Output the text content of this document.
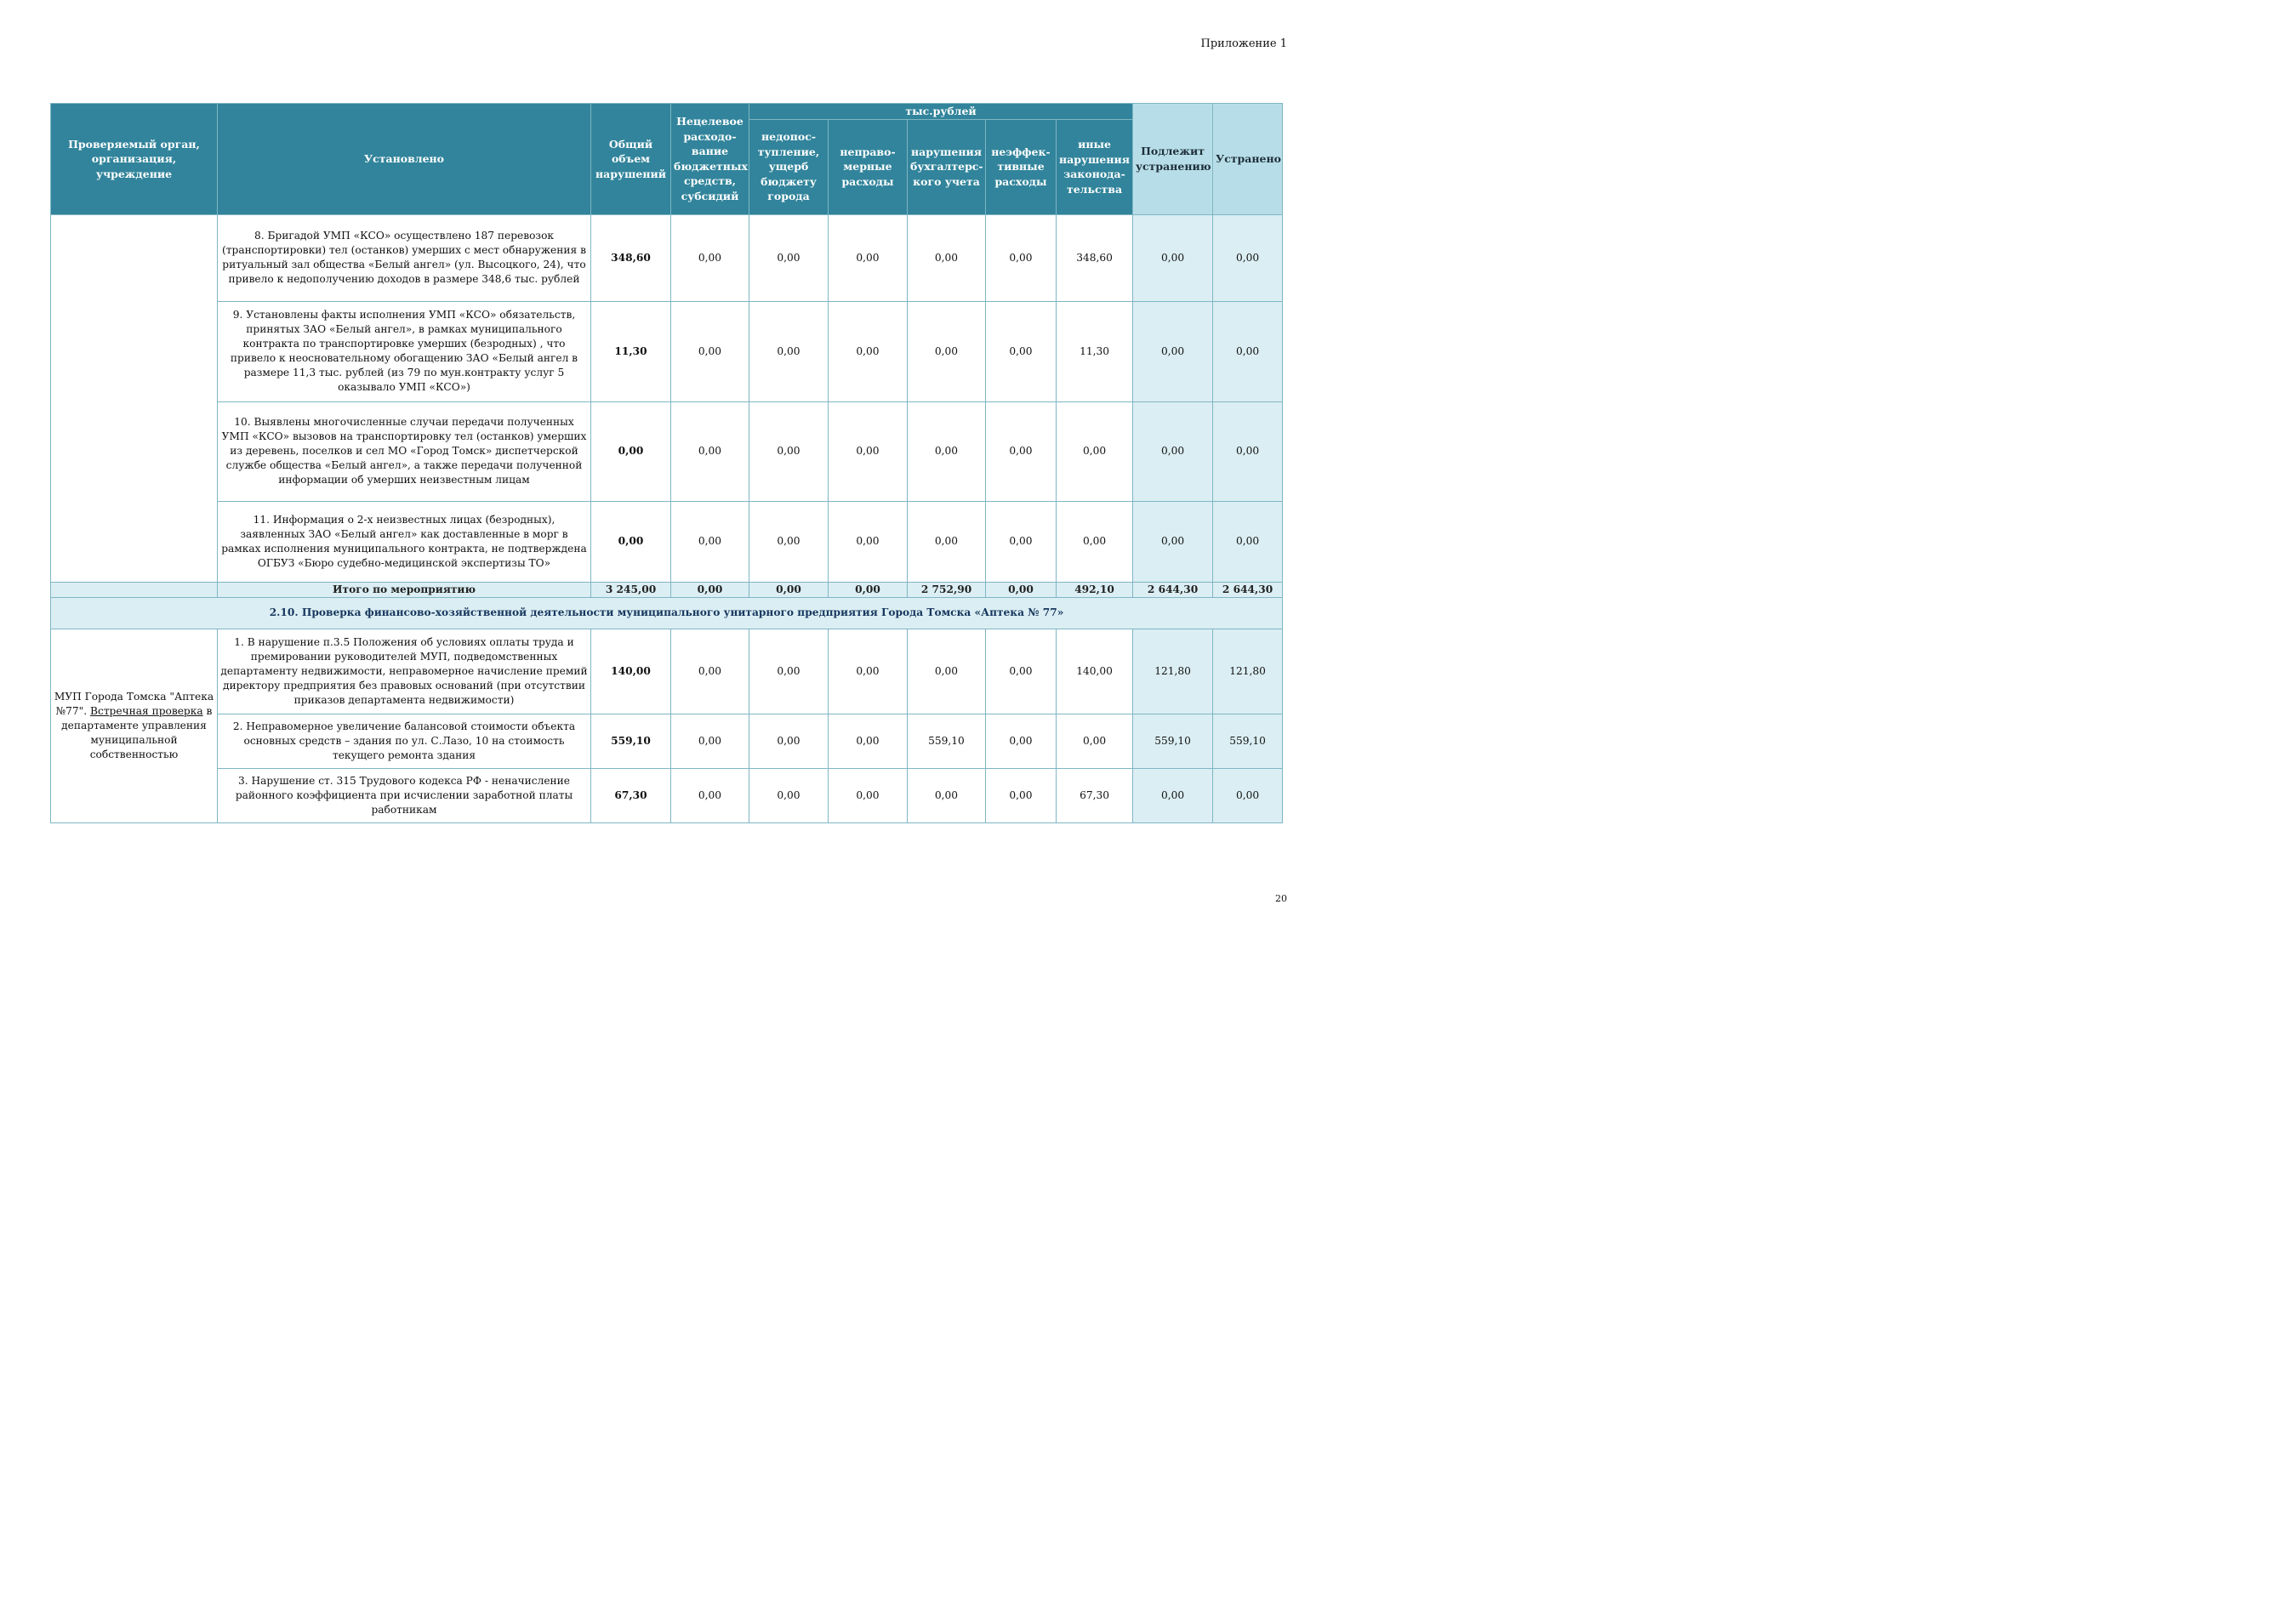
Приложение 1
Проверяемый орган, организация, учреждение	Установлено	Общий объем нарушений	Нецелевое расходо-вание бюджетных средств, субсидий	тыс.рублей					Подлежит устранению	Устранено
				недопос-тупление, ущерб бюджету города	неправо-мерные расходы	нарушения бухгалтерс-кого учета	неэффек-тивные расходы	иные нарушения законода-тельства		
	8. Бригадой УМП «КСО» осуществлено 187 перевозок (транспортировки) тел (останков) умерших с мест обнаружения в ритуальный зал общества «Белый ангел» (ул. Высоцкого, 24), что привело к недополучению доходов в размере 348,6 тыс. рублей	348,60	0,00	0,00	0,00	0,00	0,00	348,60	0,00	0,00
	9. Установлены факты исполнения УМП «КСО» обязательств, принятых ЗАО «Белый ангел», в рамках муниципального контракта по транспортировке умерших (безродных) , что привело к неосновательному обогащению ЗАО «Белый ангел в размере 11,3 тыс. рублей (из 79 по мун.контракту услуг 5 оказывало УМП «КСО»)	11,30	0,00	0,00	0,00	0,00	0,00	11,30	0,00	0,00
	10. Выявлены многочисленные случаи передачи полученных УМП «КСО» вызовов на транспортировку тел (останков) умерших из деревень, поселков и сел МО «Город Томск» диспетчерской службе общества «Белый ангел», а также передачи полученной информации об умерших неизвестным лицам	0,00	0,00	0,00	0,00	0,00	0,00	0,00	0,00	0,00
	11. Информация о 2-х неизвестных лицах (безродных), заявленных ЗАО «Белый ангел» как доставленные в морг в рамках исполнения муниципального контракта, не подтверждена ОГБУЗ «Бюро судебно-медицинской экспертизы ТО»	0,00	0,00	0,00	0,00	0,00	0,00	0,00	0,00	0,00
	Итого по мероприятию	3 245,00	0,00	0,00	0,00	2 752,90	0,00	492,10	2 644,30	2 644,30
2.10. Проверка финансово-хозяйственной деятельности муниципального унитарного предприятия Города Томска «Аптека № 77»										
МУП Города Томска "Аптека №77". Встречная проверка в департаменте управления муниципальной собственностью	1. В нарушение п.3.5 Положения об условиях оплаты труда и премировании руководителей МУП, подведомственных департаменту недвижимости, неправомерное начисление премий директору предприятия без правовых оснований (при отсутствии приказов департамента недвижимости)	140,00	0,00	0,00	0,00	0,00	0,00	140,00	121,80	121,80
	2. Неправомерное увеличение балансовой стоимости объекта основных средств – здания по ул. С.Лазо, 10 на стоимость текущего ремонта здания	559,10	0,00	0,00	0,00	559,10	0,00	0,00	559,10	559,10
	3. Нарушение ст. 315 Трудового кодекса РФ - неначисление районного коэффициента при исчислении заработной платы работникам	67,30	0,00	0,00	0,00	0,00	0,00	67,30	0,00	0,00
20
